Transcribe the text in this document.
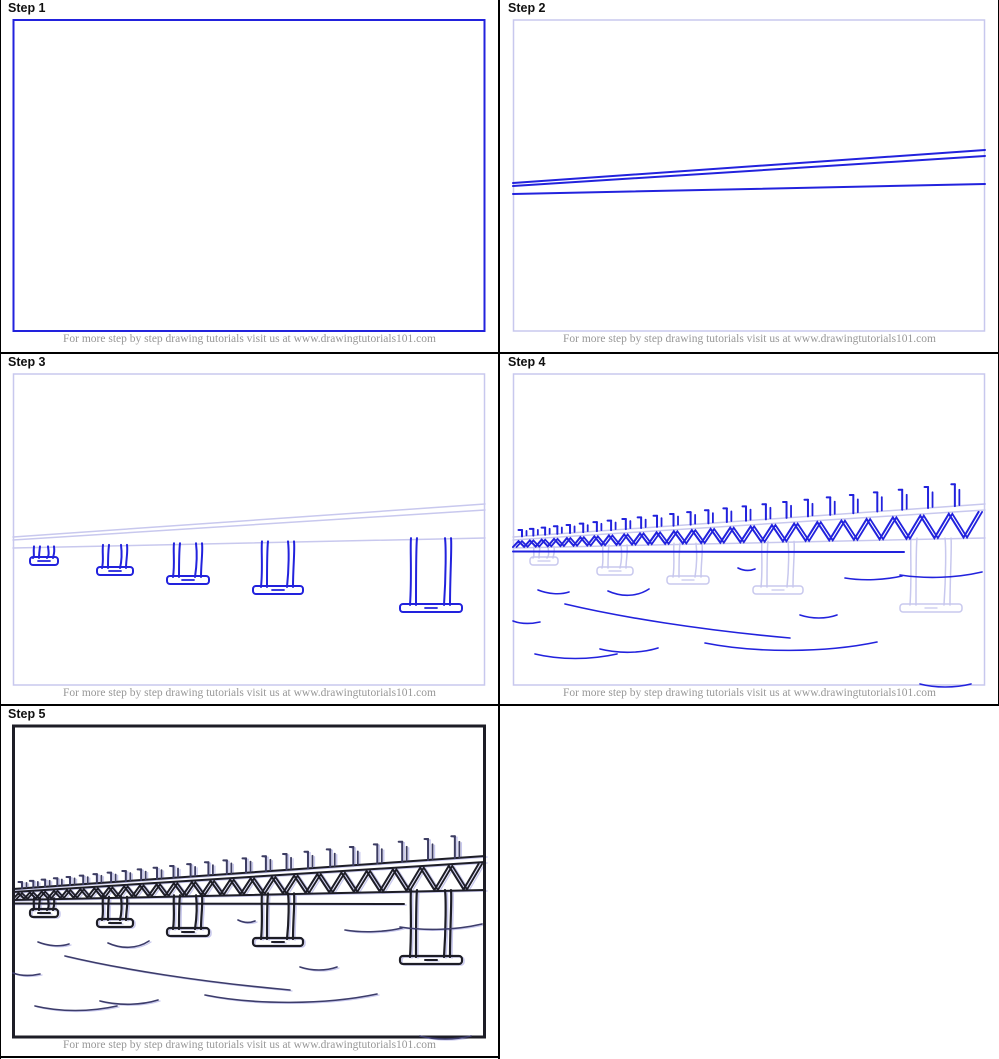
Step 1
For more step by step drawing tutorials visit us at www.drawingtutorials101.com
Step 2
For more step by step drawing tutorials visit us at www.drawingtutorials101.com
Step 3
For more step by step drawing tutorials visit us at www.drawingtutorials101.com
Step 4
For more step by step drawing tutorials visit us at www.drawingtutorials101.com
Step 5
For more step by step drawing tutorials visit us at www.drawingtutorials101.com
